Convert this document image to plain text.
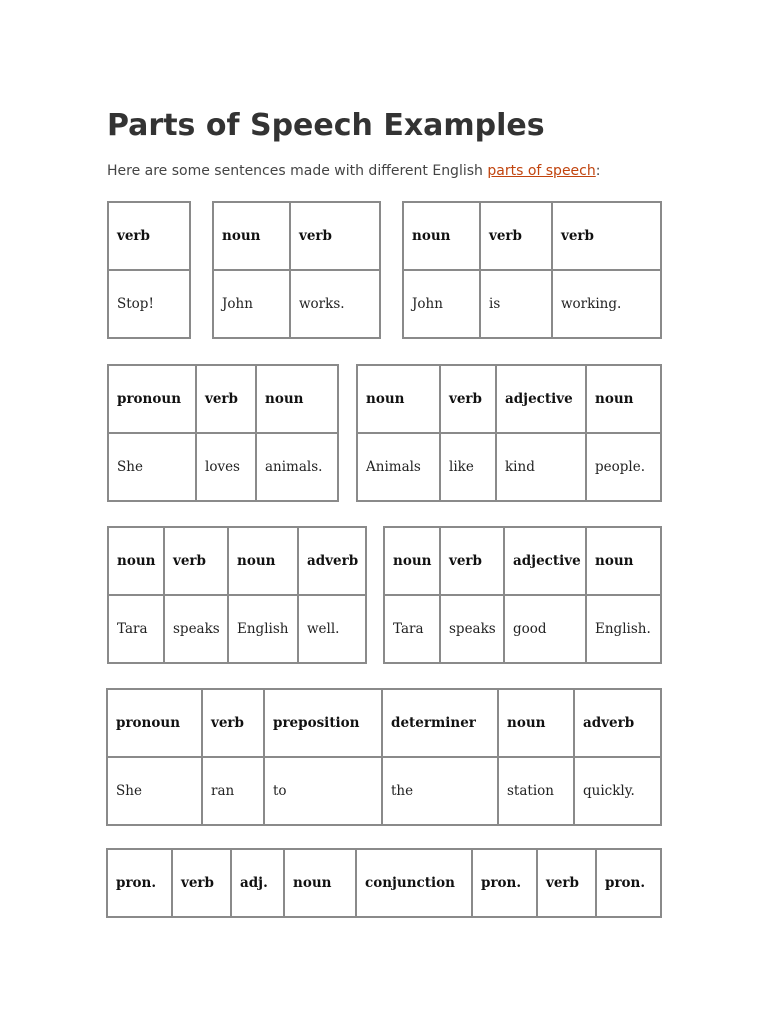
Parts of Speech Examples
Here are some sentences made with different English parts of speech:
verb
Stop!
noun	verb
John	works.
noun	verb	verb
John	is	working.
pronoun	verb	noun
She	loves	animals.
noun	verb	adjective	noun
Animals	like	kind	people.
noun	verb	noun	adverb
Tara	speaks	English	well.
noun	verb	adjective	noun
Tara	speaks	good	English.
pronoun	verb	preposition	determiner	noun	adverb
She	ran	to	the	station	quickly.
pron.	verb	adj.	noun	conjunction	pron.	verb	pron.
